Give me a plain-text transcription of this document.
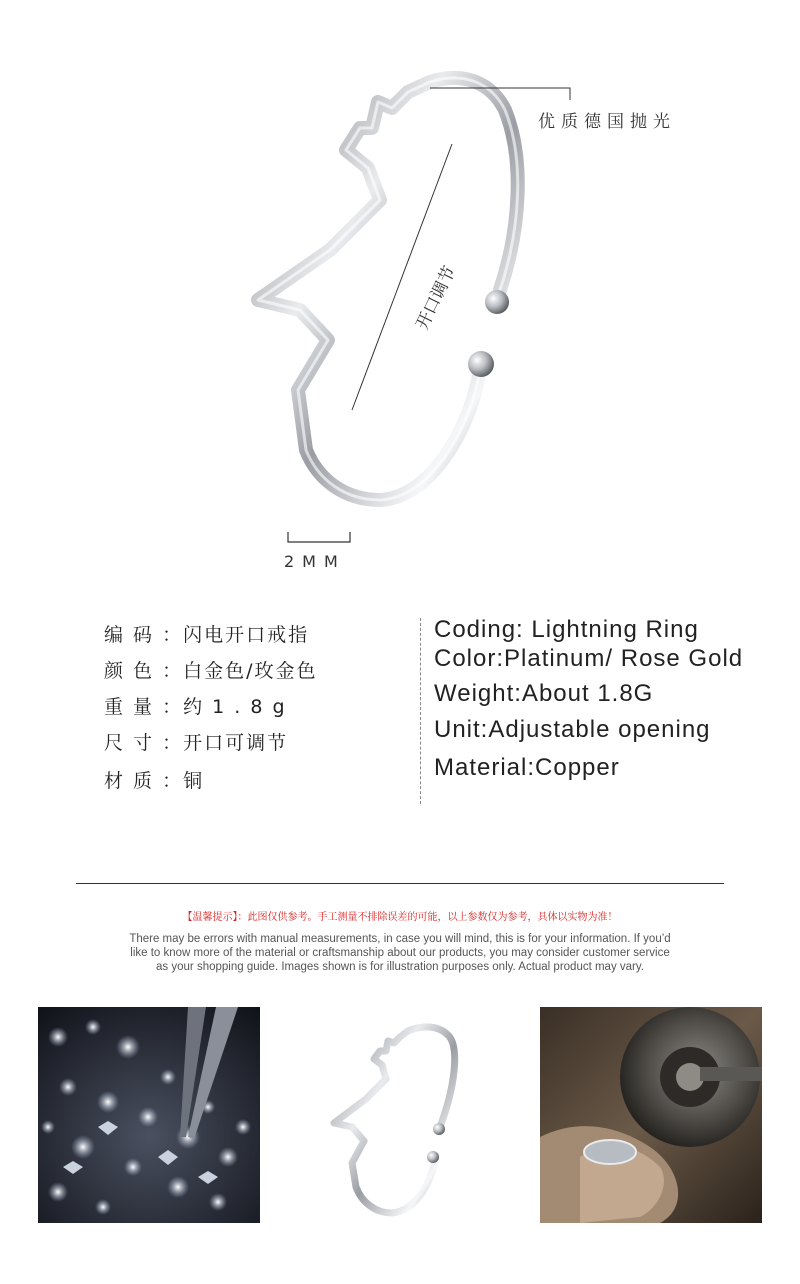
优质德国抛光
开口调节
2MM
编 码 ：闪电开口戒指
颜 色 ：白金色/玫金色
重 量 ：约 1 . 8 g
尺 寸 ：开口可调节
材 质 ：铜
Coding: Lightning Ring
Color:Platinum/ Rose Gold
Weight:About 1.8G
Unit:Adjustable opening
Material:Copper
【温馨提示】：此图仅供参考。手工测量不排除误差的可能，以上参数仅为参考，具体以实物为准！
There may be errors with manual measurements, in case you will mind, this is for your information. If you’d
like to know more of the material or craftsmanship about our products, you may consider customer service
as your shopping guide. Images shown is for illustration purposes only. Actual product may vary.
